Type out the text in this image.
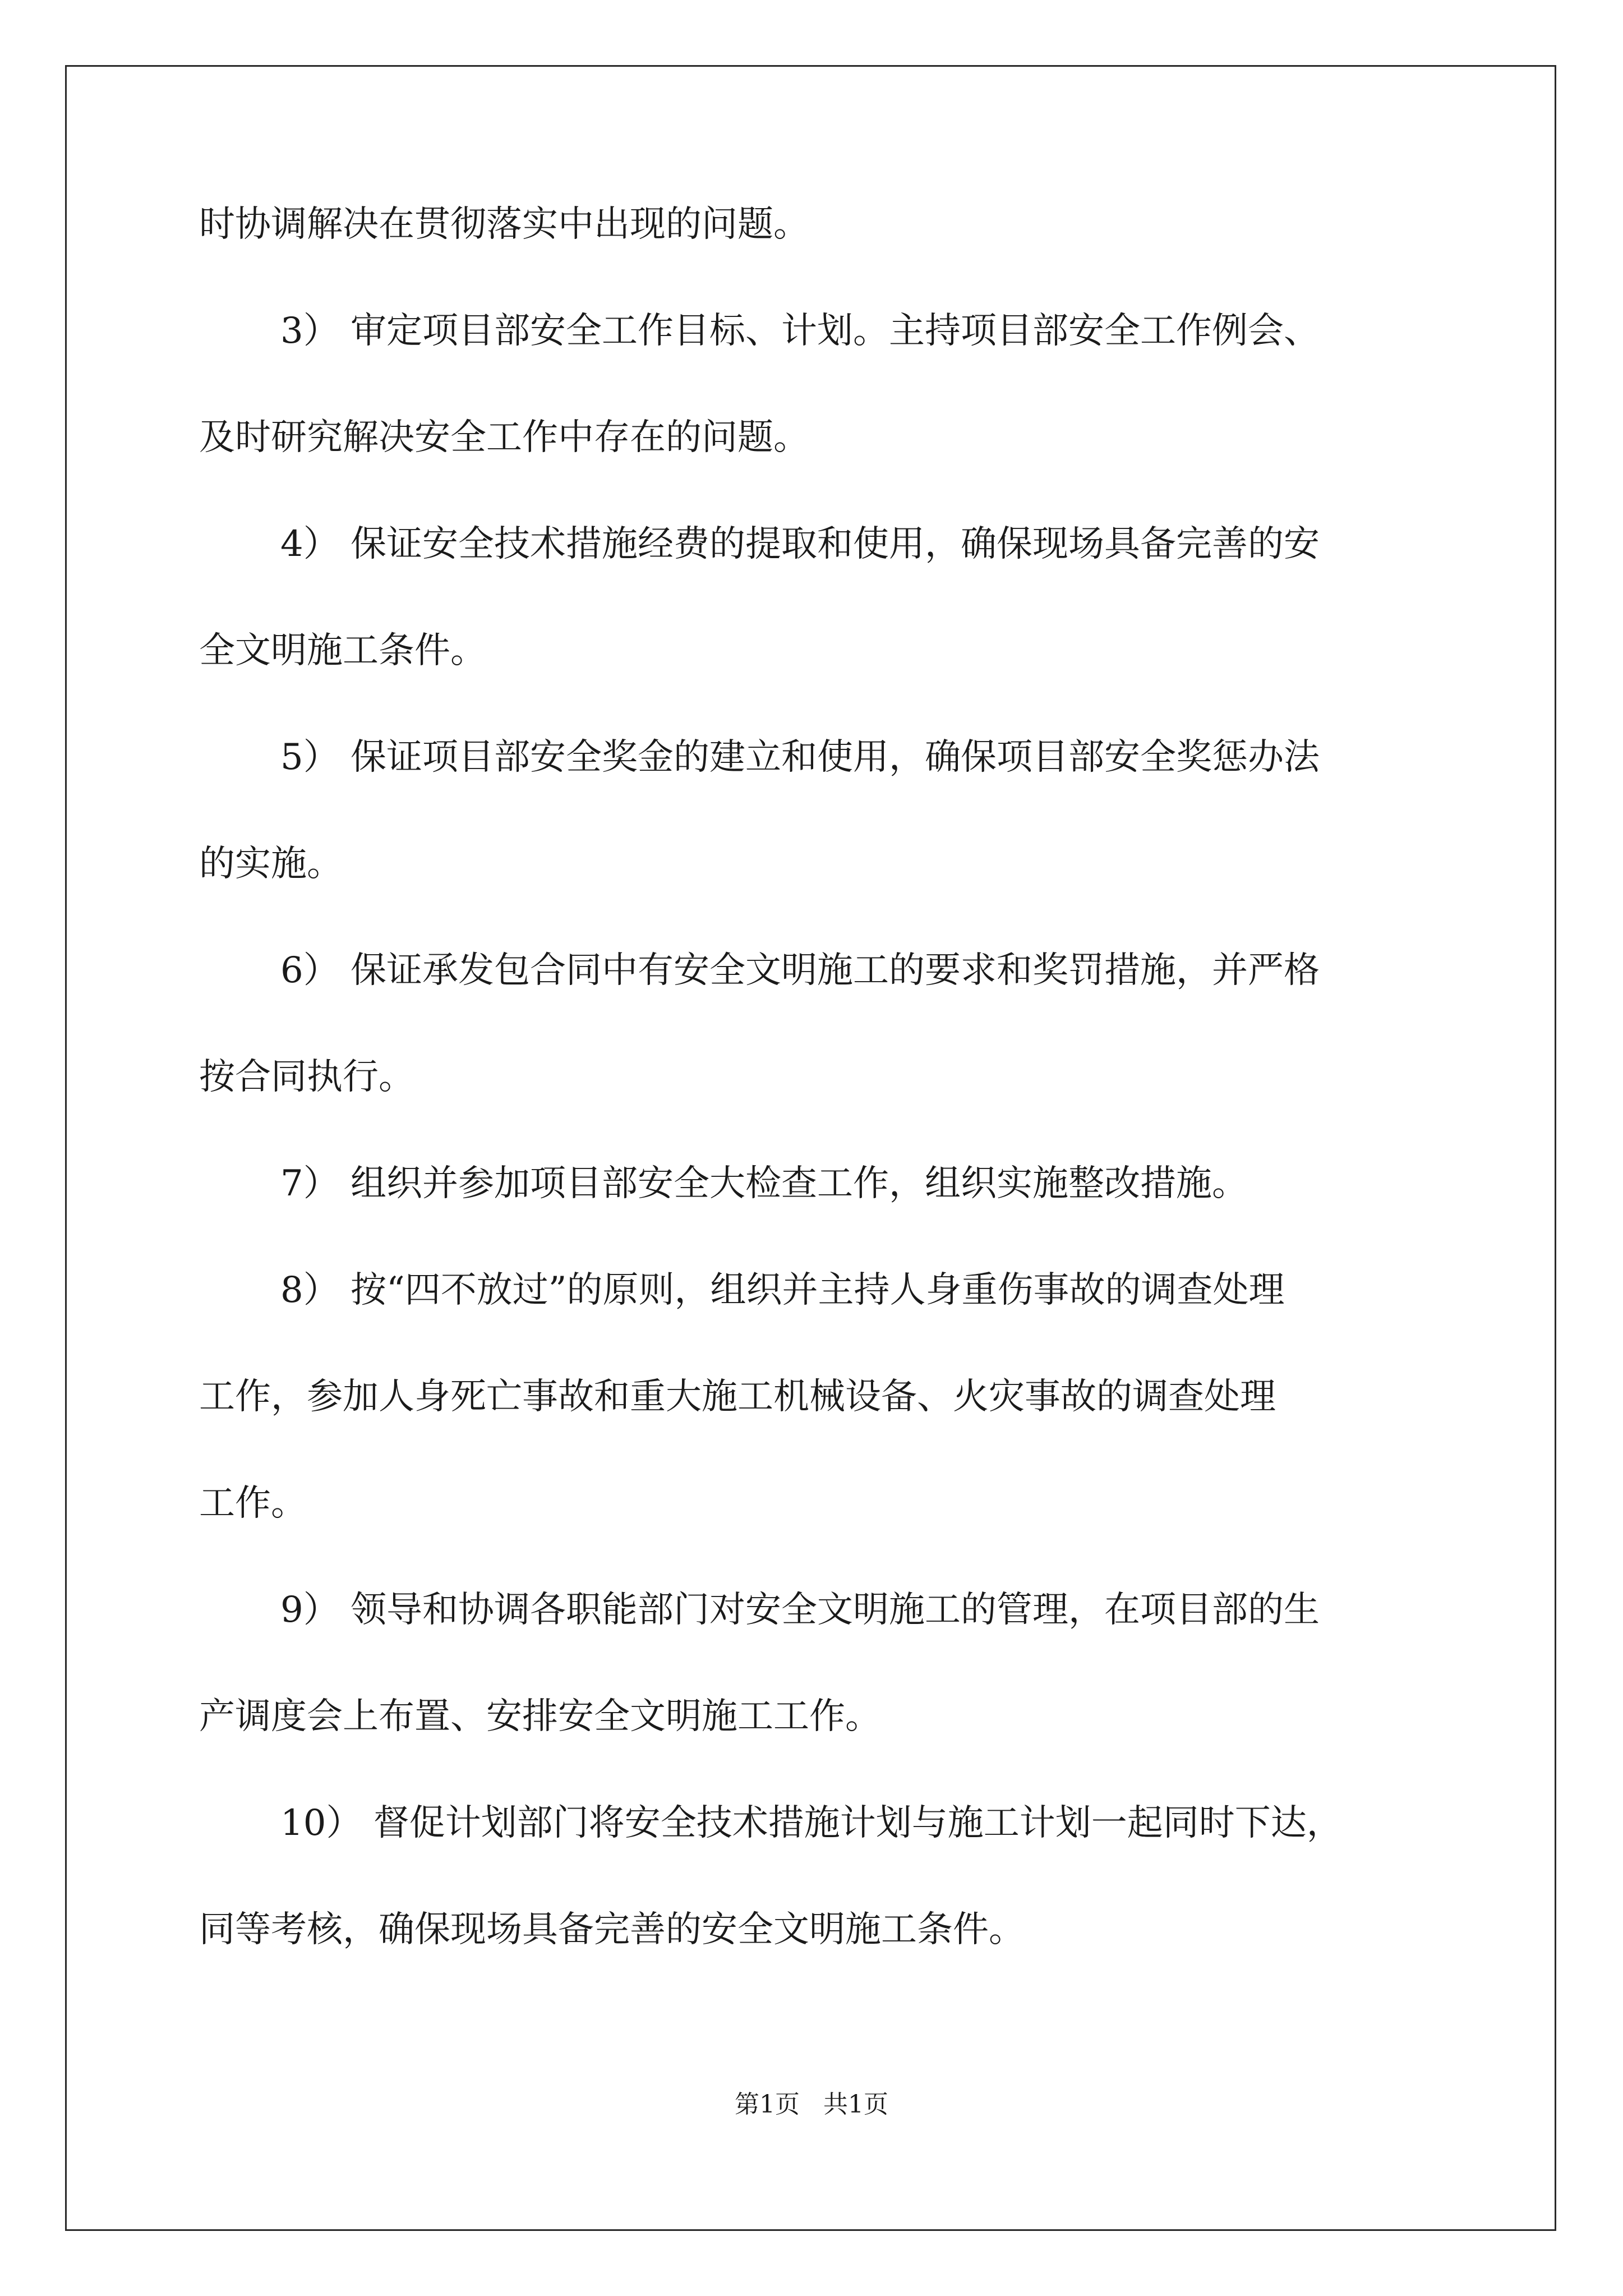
时协调解决在贯彻落实中出现的问题。
3） 审定项目部安全工作目标、计划。主持项目部安全工作例会、
及时研究解决安全工作中存在的问题。
4） 保证安全技术措施经费的提取和使用，确保现场具备完善的安
全文明施工条件。
5） 保证项目部安全奖金的建立和使用，确保项目部安全奖惩办法
的实施。
6） 保证承发包合同中有安全文明施工的要求和奖罚措施，并严格
按合同执行。
7） 组织并参加项目部安全大检查工作，组织实施整改措施。
8） 按“四不放过”的原则，组织并主持人身重伤事故的调查处理
工作，参加人身死亡事故和重大施工机械设备、火灾事故的调查处理
工作。
9） 领导和协调各职能部门对安全文明施工的管理，在项目部的生
产调度会上布置、安排安全文明施工工作。
10） 督促计划部门将安全技术措施计划与施工计划一起同时下达，
同等考核，确保现场具备完善的安全文明施工条件。
第1页   共1页
